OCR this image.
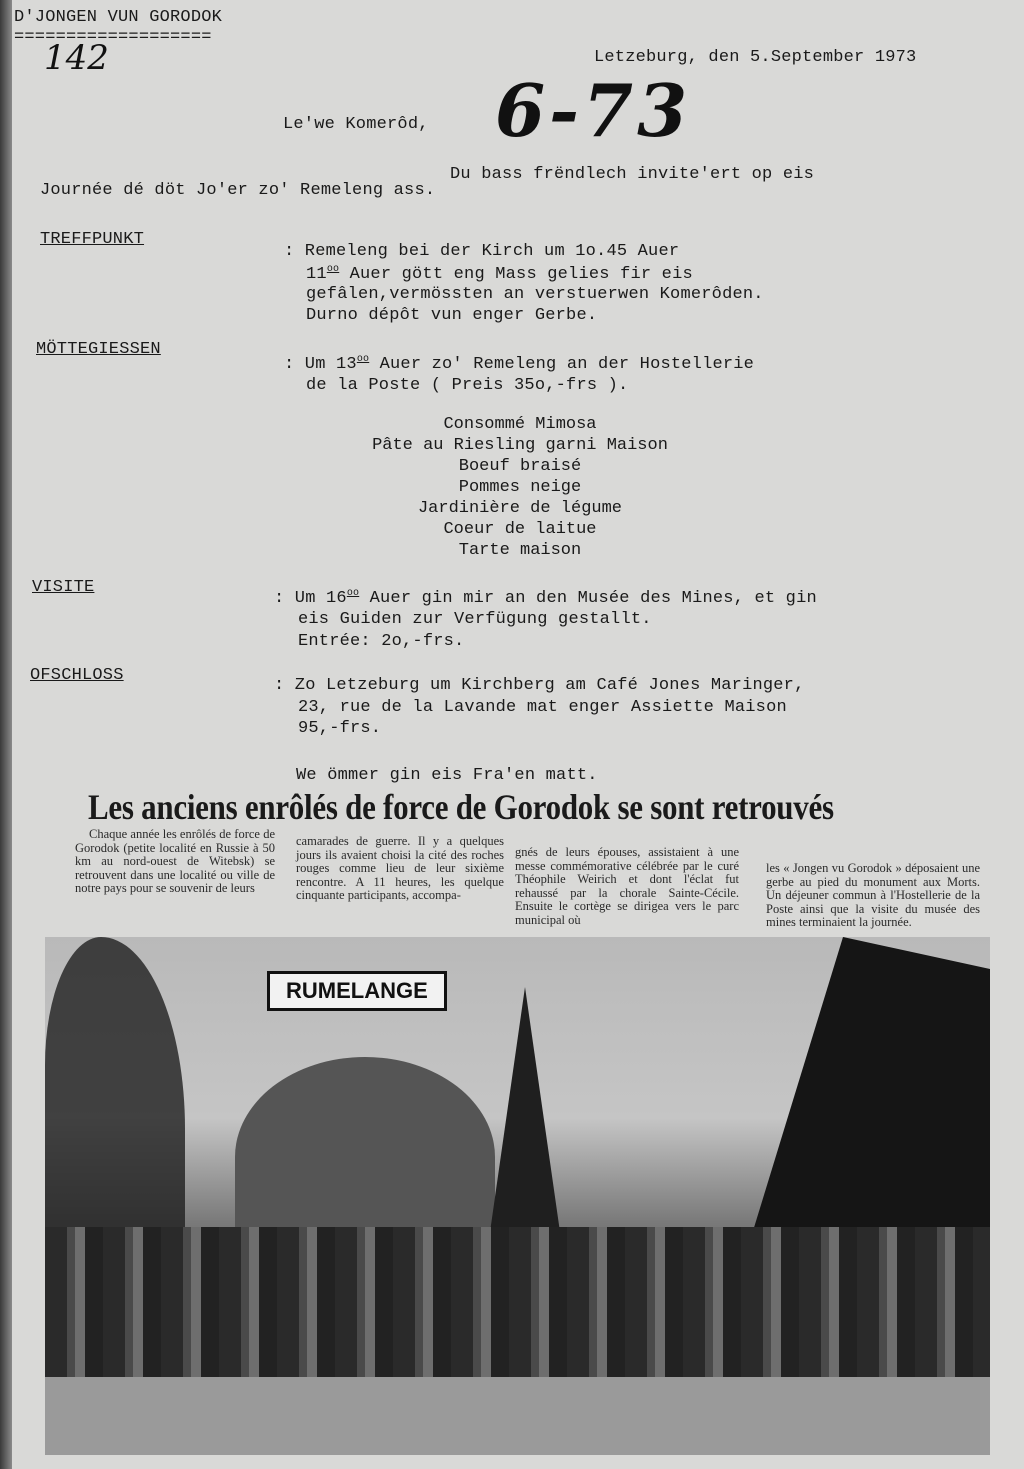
D'JONGEN VUN GORODOK
===================
142	Letzeburg, den 5.September 1973
6-73
Le'we Komerôd,
Du bass frëndlech invite'ert op eis
Journée dé döt Jo'er zo' Remeleng ass.
TREFFPUNKT
: Remeleng bei der Kirch um 1o.45 Auer
$11^{oo}$ Auer gött eng Mass gelies fir eis
gefâlen,vermössten an verstuerwen Komerôden.
Durno dépôt vun enger Gerbe.
MÖTTEGIESSEN
: Um $13^{oo}$ Auer zo' Remeleng an der Hostellerie
de la Poste ( Preis 35o,-frs ).
Consommé Mimosa
Pâte au Riesling garni Maison
Boeuf braisé
Pommes neige
Jardinière de légume
Coeur de laitue
Tarte maison
VISITE
: Um $16^{oo}$ Auer gin mir an den Musée des Mines, et gin
eis Guiden zur Verfügung gestallt.
Entrée: 2o,-frs.
OFSCHLOSS
: Zo Letzeburg um Kirchberg am Café Jones Maringer,
23, rue de la Lavande mat enger Assiette Maison
95,-frs.
We ömmer gin eis Fra'en matt.
Les anciens enrôlés de force de Gorodok se sont retrouvés
Chaque année les enrôlés de force de Gorodok (petite localité en Russie à 50 km au nord-ouest de Witebsk) se retrouvent dans une localité ou ville de notre pays pour se souvenir de leurs
camarades de guerre. Il y a quelques jours ils avaient choisi la cité des roches rouges comme lieu de leur sixième rencontre. A 11 heures, les quelque cinquante participants, accompa-
gnés de leurs épouses, assistaient à une messe commémorative célébrée par le curé Théophile Weirich et dont l'éclat fut rehaussé par la chorale Sainte-Cécile. Ensuite le cortège se dirigea vers le parc municipal où
les « Jongen vu Gorodok » déposaient une gerbe au pied du monument aux Morts. Un déjeuner commun à l'Hostellerie de la Poste ainsi que la visite du musée des mines terminaient la journée.
RUMELANGE
